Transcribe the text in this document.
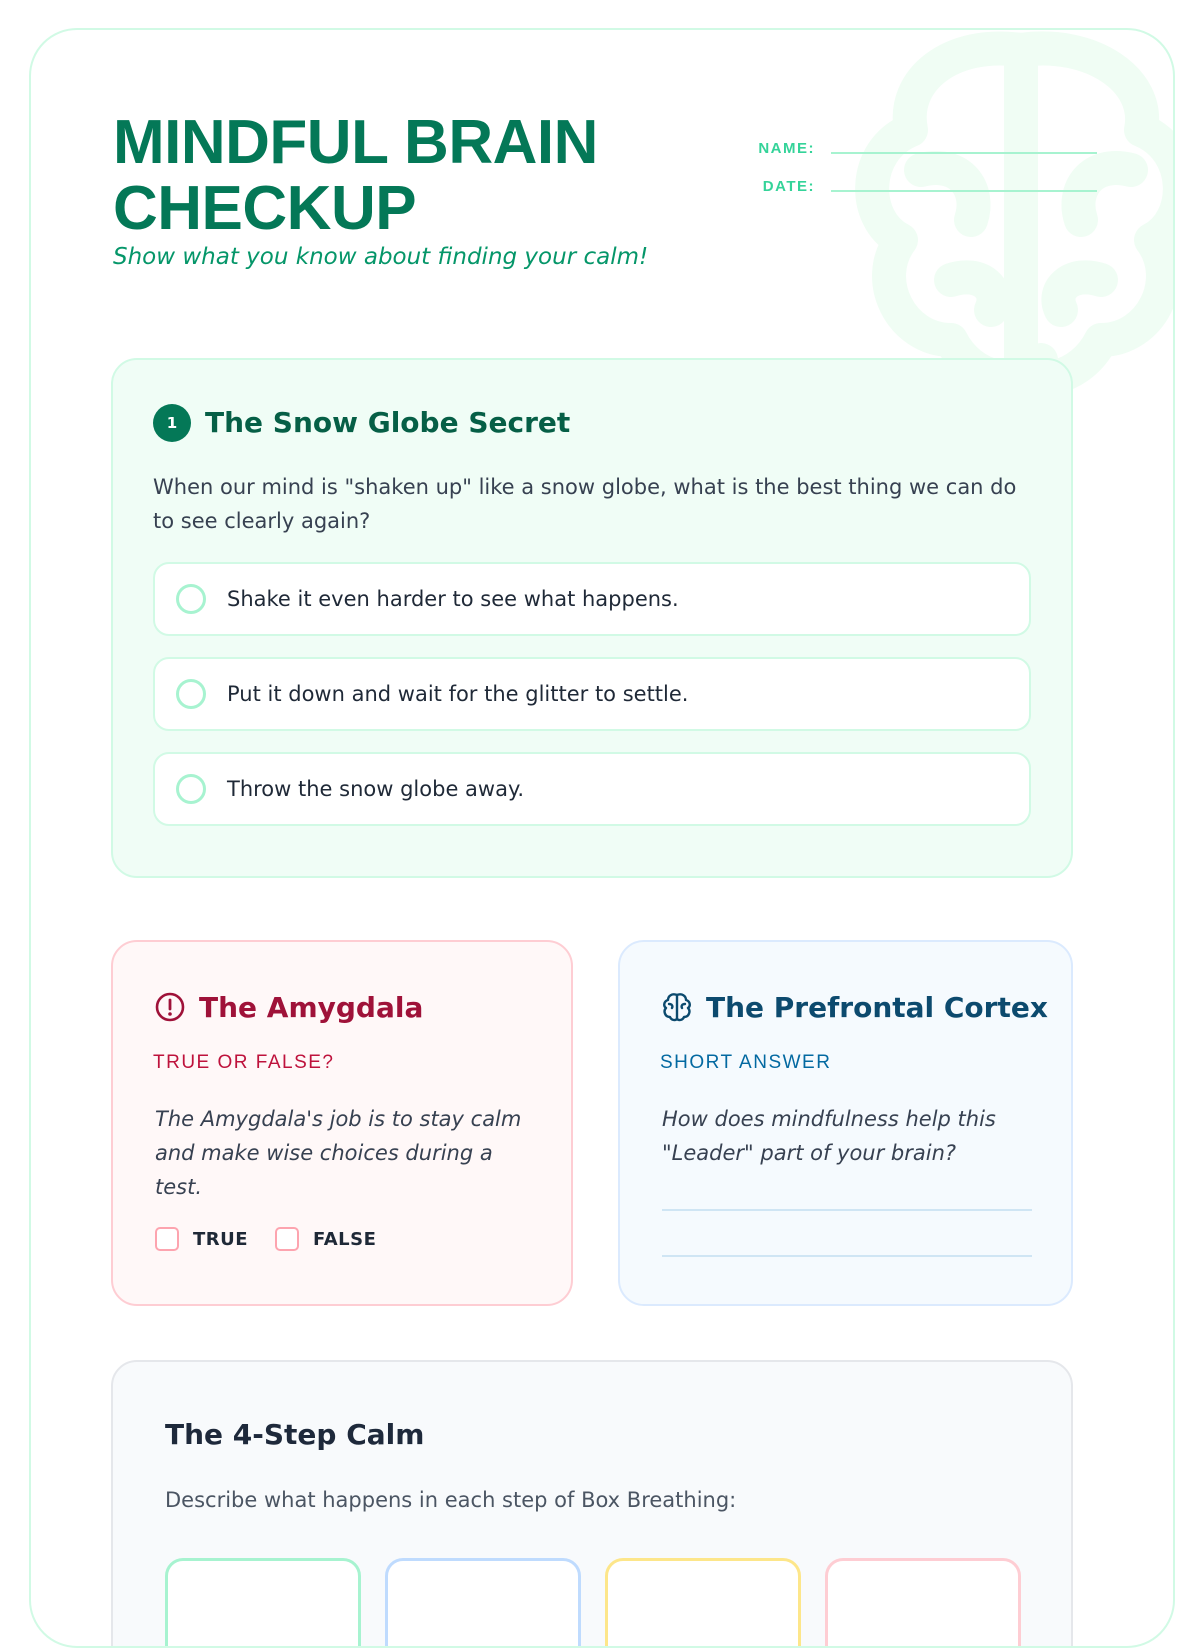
MINDFUL BRAIN CHECKUP

Show what you know about finding your calm!

NAME:
DATE:
1 The Snow Globe Secret

When our mind is "shaken up" like a snow globe, what is the best thing we can do to see clearly again?

Shake it even harder to see what happens.
Put it down and wait for the glitter to settle.
Throw the snow globe away.
The Amygdala
TRUE OR FALSE?

The Amygdala's job is to stay calm and make wise choices during a test.

TRUE	FALSE
The Prefrontal Cortex
SHORT ANSWER

How does mindfulness help this "Leader" part of your brain?

The 4-Step Calm

Describe what happens in each step of Box Breathing:
